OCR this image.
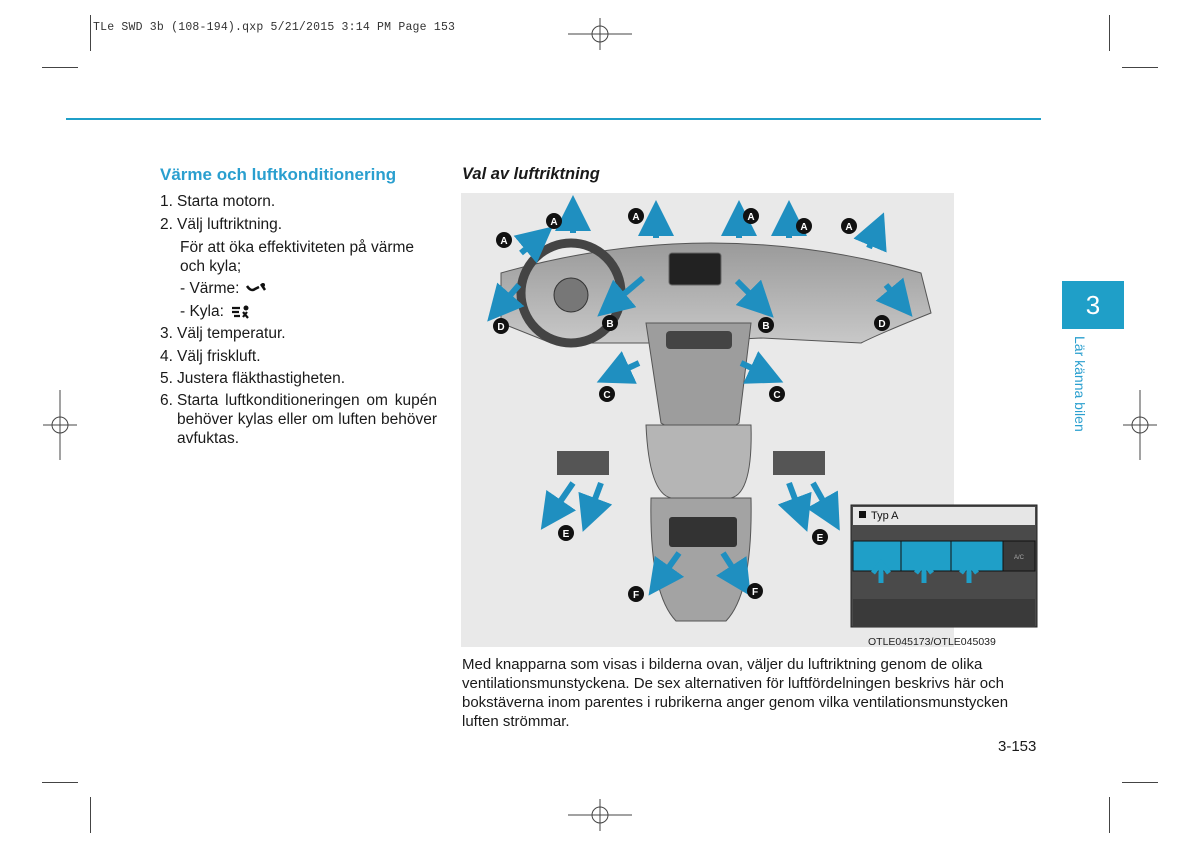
TLe SWD 3b (108-194).qxp 5/21/2015 3:14 PM Page 153
Värme och luftkonditionering
1. Starta motorn.
2. Välj luftriktning.
För att öka effektiviteten på värme och kyla;
- Värme:
- Kyla:
3. Välj temperatur.
4. Välj friskluft.
5. Justera fläkthastigheten.
6. Starta luftkonditioneringen om kupén behöver kylas eller om luften behöver avfuktas.
Val av luftriktning
A	A	A
A	A
A
B	B
C	C
D	D
E	E
F	F
Typ A
A/C
OTLE045173/OTLE045039
Med knapparna som visas i bilderna ovan, väljer du luftriktning genom de olika ventilationsmunstyckena. De sex alternativen för luftfördelningen beskrivs här och bokstäverna inom parentes i rubrikerna anger genom vilka ventilationsmunstycken luften strömmar.
3-153
3
Lär känna bilen
